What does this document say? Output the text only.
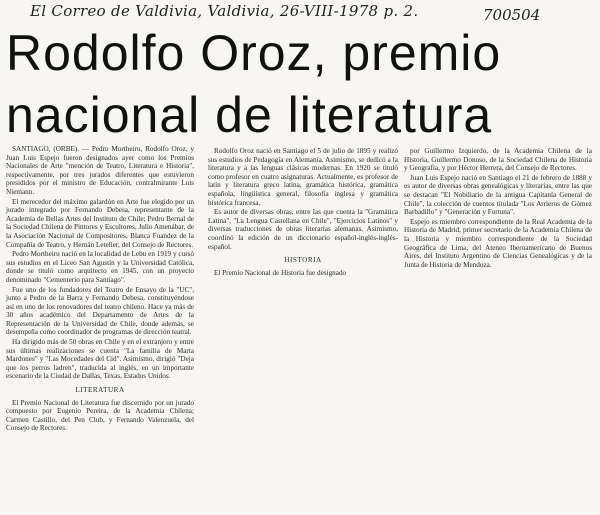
El Correo de Valdivia, Valdivia, 26-VIII-1978 p. 2.	700504
Rodolfo Oroz, premio
nacional de literatura

SANTIAGO, (ORBE). — Pedro Mortheiru, Rodolfo Oroz, y Juan Luis Espejo fueron designados ayer como los Premios Nacionales de Arte "mención de Teatro, Literatura e Historia", respectivamente, por tres jurados diferentes que estuvieron presididos por el ministro de Educación, contralmirante Luis Niemann.

El merecedor del máximo galardón en Arte fue elegido por un jurado integrado por Fernando Debesa, representante de la Academia de Bellas Artes del Instituto de Chile; Pedro Bernal de la Sociedad Chilena de Pintores y Escultores, Julio Amenábar, de la Asociación Nacional de Compositores, Blanca Fuandez de la Compañía de Teatro, y Hernán Letelier, del Consejo de Rectores.

Pedro Mortheiru nació en la localidad de Lebu en 1919 y cursó sus estudios en el Liceo San Agustín y la Universidad Católica, donde se tituló como arquitecto en 1945, con un proyecto denominado "Cementerio para Santiago".

Fue uno de los fundadores del Teatro de Ensayo de la "UC", junto a Pedro de la Barra y Fernando Debesa, constituyéndose así en uno de los renovadores del teatro chileno. Hace ya más de 30 años académico del Departamento de Artes de la Representación de la Universidad de Chile, donde además, se desempeña como coordinador de programas de dirección teatral.

Ha dirigido más de 50 obras en Chile y en el extranjero y entre sus últimas realizaciones se cuenta "La familia de Marta Mardones" y "Las Mocedades del Cid". Asimismo, dirigió "Deja que los perros ladren", traducida al inglés, en un importante escenario de la Ciudad de Dallas, Texas, Estados Unidos.

LITERATURA

El Premio Nacional de Literatura fue discernido por un jurado compuesto por Eugenio Pereira, de la Academia Chilena; Carmen Castillo, del Pen Club, y Fernando Valenzuela, del Consejo de Rectores.

Rodolfo Oroz nació en Santiago el 5 de julio de 1895 y realizó sus estudios de Pedagogía en Alemania. Asimismo, se dedicó a la literatura y a las lenguas clásicas modernas. En 1920 se tituló como profesor en cuatro asignaturas. Actualmente, es profesor de latín y literatura greco latina, gramática histórica, gramática española, lingüística general, filosofía inglesa y gramática histórica francesa.

Es autor de diversas obras, entre las que cuenta la "Gramática Latina", "La Lengua Castellana en Chile", "Ejercicios Latinos" y diversas traducciones de obras literarias alemanas. Asimismo, coordinó la edición de un diccionario español-inglés-inglés-español.

HISTORIA

El Premio Nacional de Historia fue designado

por Guillermo Izquierdo, de la Academia Chilena de la Historia, Guillermo Donoso, de la Sociedad Chilena de Historia y Geografía, y por Héctor Herrera, del Consejo de Rectores.

Juan Luis Espejo nació en Santiago el 21 de febrero de 1888 y es autor de diversas obras genealógicas y literarias, entre las que se destacan "El Nobiliario de la antigua Capitanía General de Chile", la colección de cuentos titulada "Los Arrieros de Gómez Barbadillo" y "Generación y Fortuna".

Espejo es miembro correspondiente de la Real Academia de la Historia de Madrid, primer secretario de la Academia Chilena de la Historia y miembro correspondiente de la Sociedad Geográfica de Lima, del Ateneo Iberoamericano de Buenos Aires, del Instituto Argentino de Ciencias Genealógicas y de la Junta de Historia de Mendoza.
